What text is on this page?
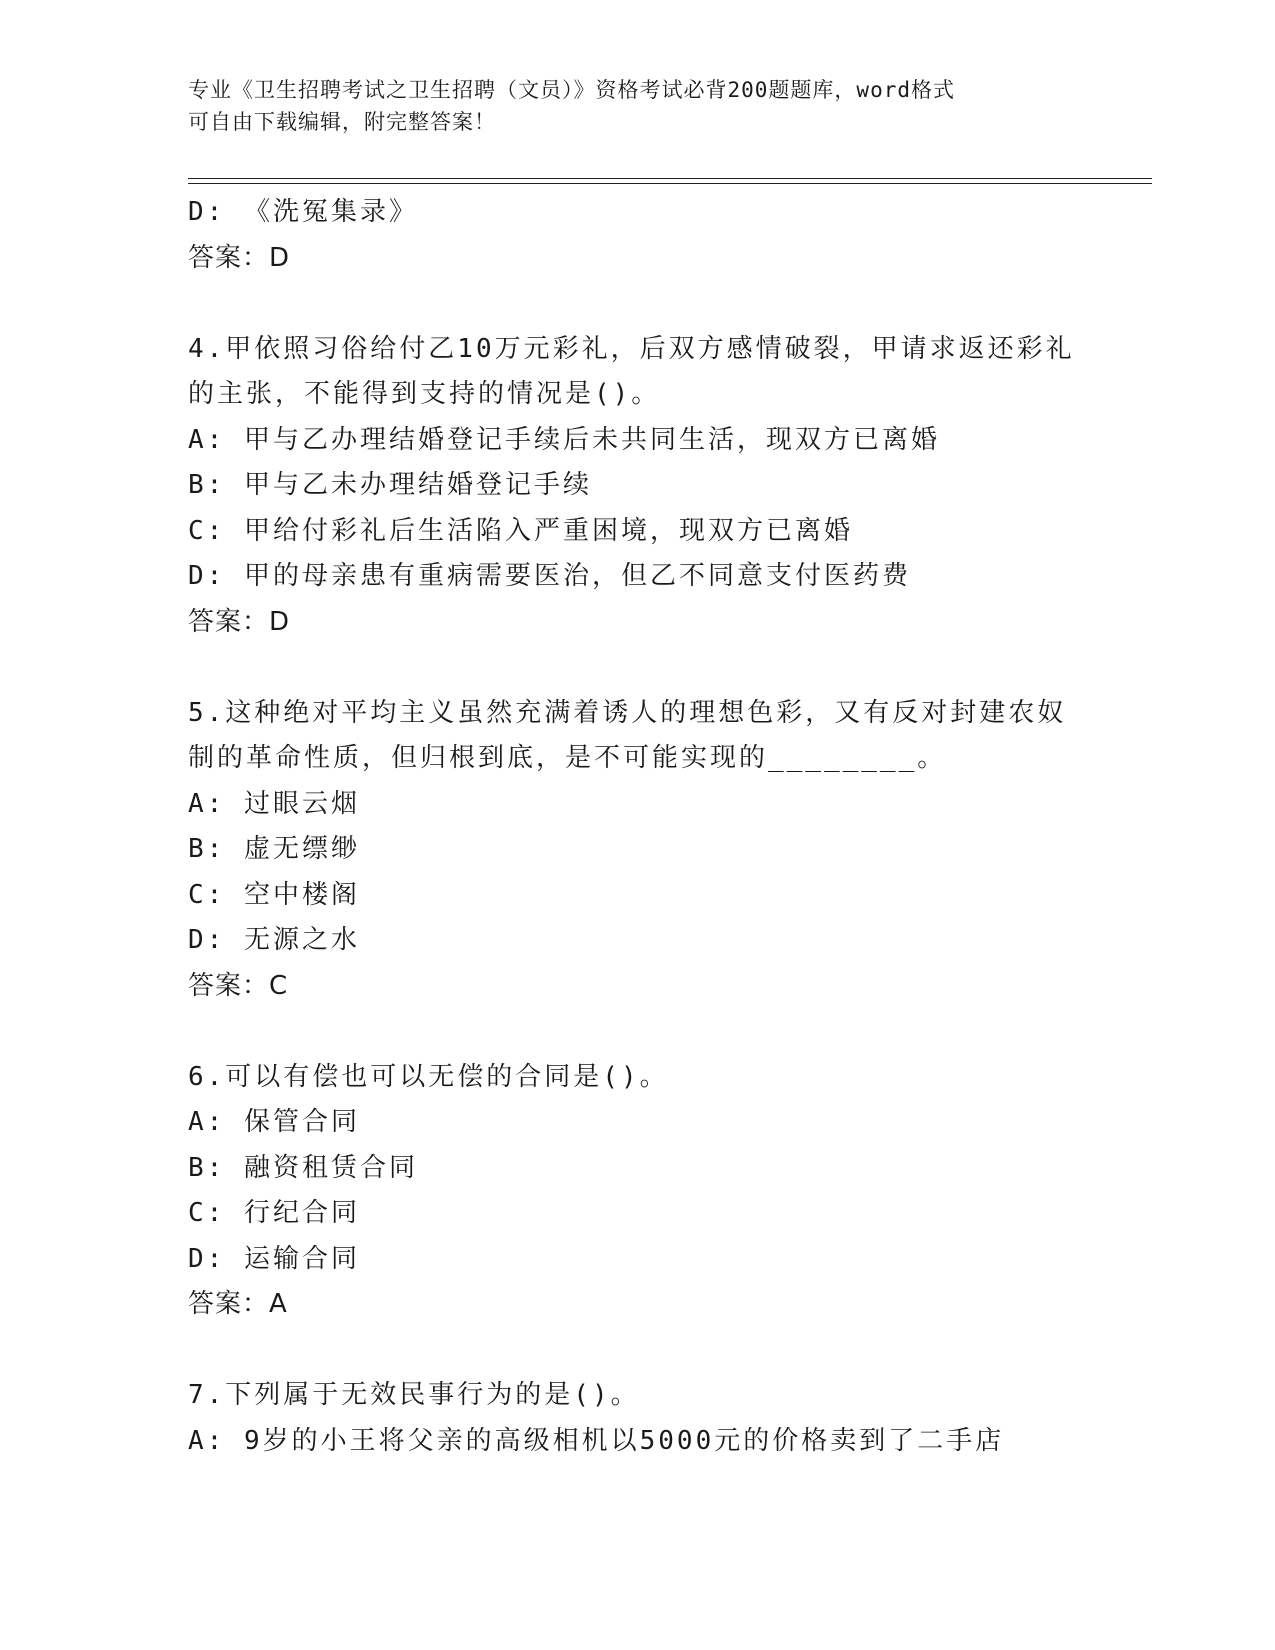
专业《卫生招聘考试之卫生招聘（文员）》资格考试必背200题题库，word格式
可自由下载编辑，附完整答案！
D: 《洗冤集录》
答案：D
4.甲依照习俗给付乙10万元彩礼，后双方感情破裂，甲请求返还彩礼
的主张，不能得到支持的情况是()。
A: 甲与乙办理结婚登记手续后未共同生活，现双方已离婚
B: 甲与乙未办理结婚登记手续
C: 甲给付彩礼后生活陷入严重困境，现双方已离婚
D: 甲的母亲患有重病需要医治，但乙不同意支付医药费
答案：D
5.这种绝对平均主义虽然充满着诱人的理想色彩，又有反对封建农奴
制的革命性质，但归根到底，是不可能实现的________。
A: 过眼云烟
B: 虚无缥缈
C: 空中楼阁
D: 无源之水
答案：C
6.可以有偿也可以无偿的合同是()。
A: 保管合同
B: 融资租赁合同
C: 行纪合同
D: 运输合同
答案：A
7.下列属于无效民事行为的是()。
A: 9岁的小王将父亲的高级相机以5000元的价格卖到了二手店
